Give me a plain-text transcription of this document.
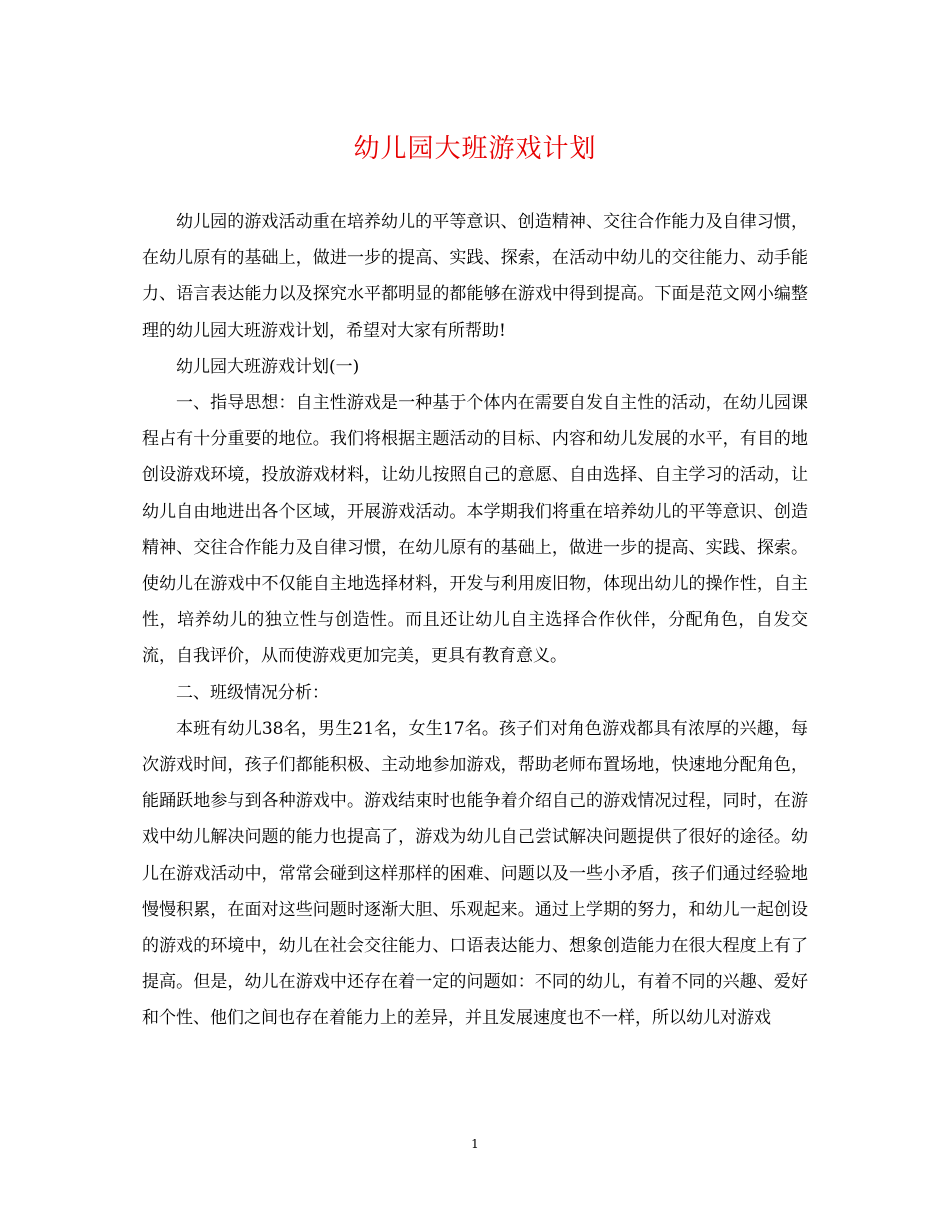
幼儿园大班游戏计划

幼儿园的游戏活动重在培养幼儿的平等意识、创造精神、交往合作能力及自律习惯，在幼儿原有的基础上，做进一步的提高、实践、探索，在活动中幼儿的交往能力、动手能力、语言表达能力以及探究水平都明显的都能够在游戏中得到提高。下面是范文网小编整理的幼儿园大班游戏计划，希望对大家有所帮助!

幼儿园大班游戏计划(一)

一、指导思想：自主性游戏是一种基于个体内在需要自发自主性的活动，在幼儿园课程占有十分重要的地位。我们将根据主题活动的目标、内容和幼儿发展的水平，有目的地创设游戏环境，投放游戏材料，让幼儿按照自己的意愿、自由选择、自主学习的活动，让幼儿自由地进出各个区域，开展游戏活动。本学期我们将重在培养幼儿的平等意识、创造精神、交往合作能力及自律习惯，在幼儿原有的基础上，做进一步的提高、实践、探索。使幼儿在游戏中不仅能自主地选择材料，开发与利用废旧物，体现出幼儿的操作性，自主性，培养幼儿的独立性与创造性。而且还让幼儿自主选择合作伙伴，分配角色，自发交流，自我评价，从而使游戏更加完美，更具有教育意义。

二、班级情况分析：

本班有幼儿38名，男生21名，女生17名。孩子们对角色游戏都具有浓厚的兴趣，每次游戏时间，孩子们都能积极、主动地参加游戏，帮助老师布置场地，快速地分配角色，能踊跃地参与到各种游戏中。游戏结束时也能争着介绍自己的游戏情况过程，同时，在游戏中幼儿解决问题的能力也提高了，游戏为幼儿自己尝试解决问题提供了很好的途径。幼儿在游戏活动中，常常会碰到这样那样的困难、问题以及一些小矛盾，孩子们通过经验地慢慢积累，在面对这些问题时逐渐大胆、乐观起来。通过上学期的努力，和幼儿一起创设的游戏的环境中，幼儿在社会交往能力、口语表达能力、想象创造能力在很大程度上有了提高。但是，幼儿在游戏中还存在着一定的问题如：不同的幼儿，有着不同的兴趣、爱好和个性、他们之间也存在着能力上的差异，并且发展速度也不一样，所以幼儿对游戏

1
